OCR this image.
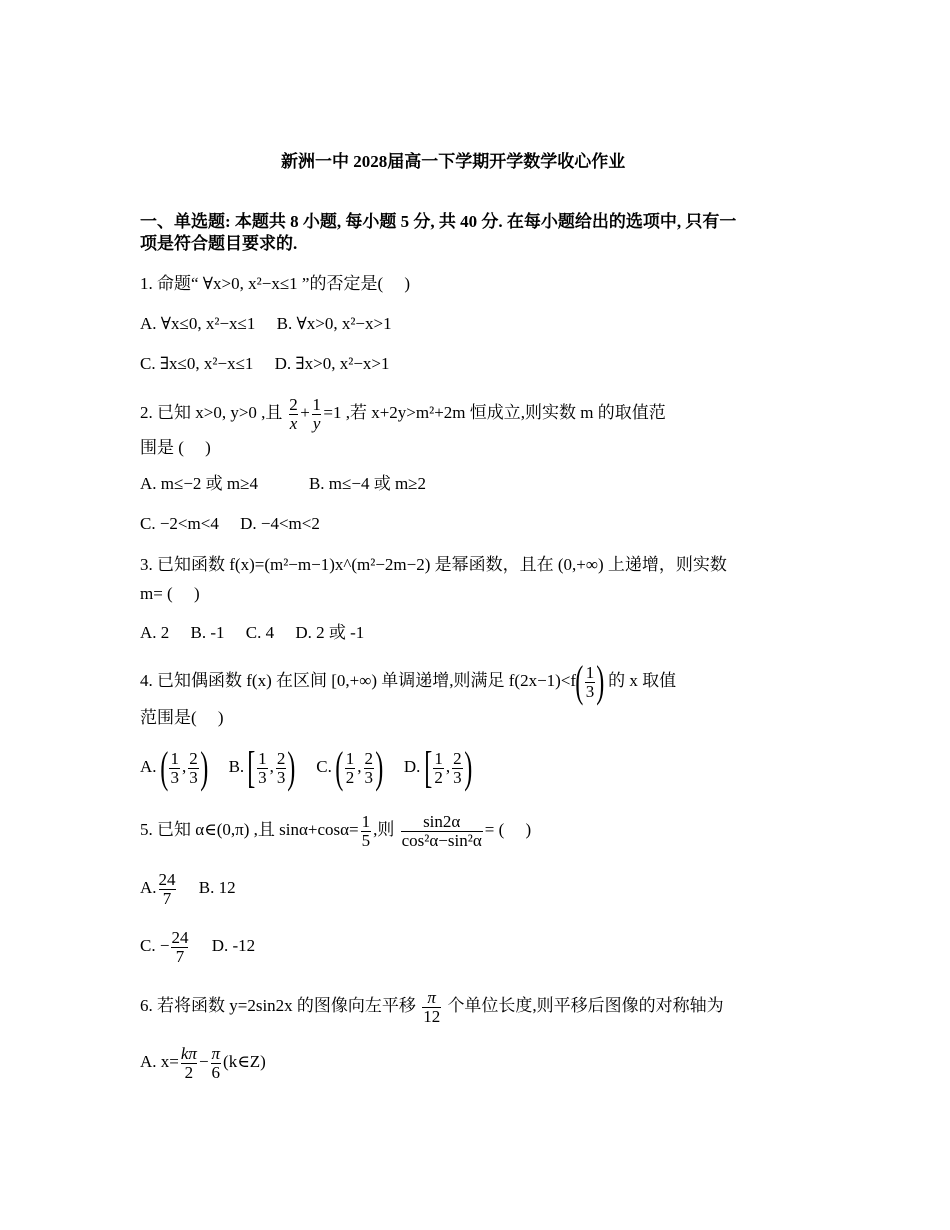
新洲一中 2028届高一下学期开学数学收心作业
一、单选题: 本题共 8 小题, 每小题 5 分, 共 40 分. 在每小题给出的选项中, 只有一
项是符合题目要求的.
1. 命题“ ∀x>0, x²−x≤1 ”的否定是(　 )
A. ∀x≤0, x²−x≤1　 B. ∀x>0, x²−x>1
C. ∃x≤0, x²−x≤1　 D. ∃x>0, x²−x>1
2. 已知 x>0, y>0 ,且 $\frac{2}{x} + \frac{1}{y} =1$ ,若 x+2y>m²+2m 恒成立,则实数 m 的取值范
围是 (　 )
A. m≤−2 或 m≥4　　　B. m≤−4 或 m≥2
C. −2<m<4　 D. −4<m<2
3. 已知函数 f(x)=(m²−m−1)x^(m²−2m−2) 是幂函数，且在 (0,+∞) 上递增，则实数
m= (　 )
A. 2　 B. -1　 C. 4　 D. 2 或 -1
4. 已知偶函数 f(x) 在区间 [0,+∞) 单调递增,则满足 $f(2x-1)<f( \frac{1}{3}$ ) 的 x 取值
范围是(　 )
A. ( $\frac{1}{3}$ , $\frac{2}{3}$ ) B. [ $\frac{1}{3}$ , $\frac{2}{3}$ ) C. ( $\frac{1}{2}$ , $\frac{2}{3}$ ) D. [ $\frac{1}{2}$ , $\frac{2}{3}$ )
5. 已知 α∈(0,π) ,且 $\sin\alpha+\cos\alpha= \frac{1}{5}$ ,则 $\frac{\sin 2\alpha}{\text{cos²α−sin²α}}$ = (　 )
A. $\frac{24}{7} B$. 12
C. − $\frac{24}{7} D$. -12
6. 若将函数 y=2sin2x 的图像向左平移 $\frac{\pi}{12}$ 个单位长度,则平移后图像的对称轴为
A. $x= \frac{k\pi}{2} - \frac{\pi}{6}$ (k∈Z)
